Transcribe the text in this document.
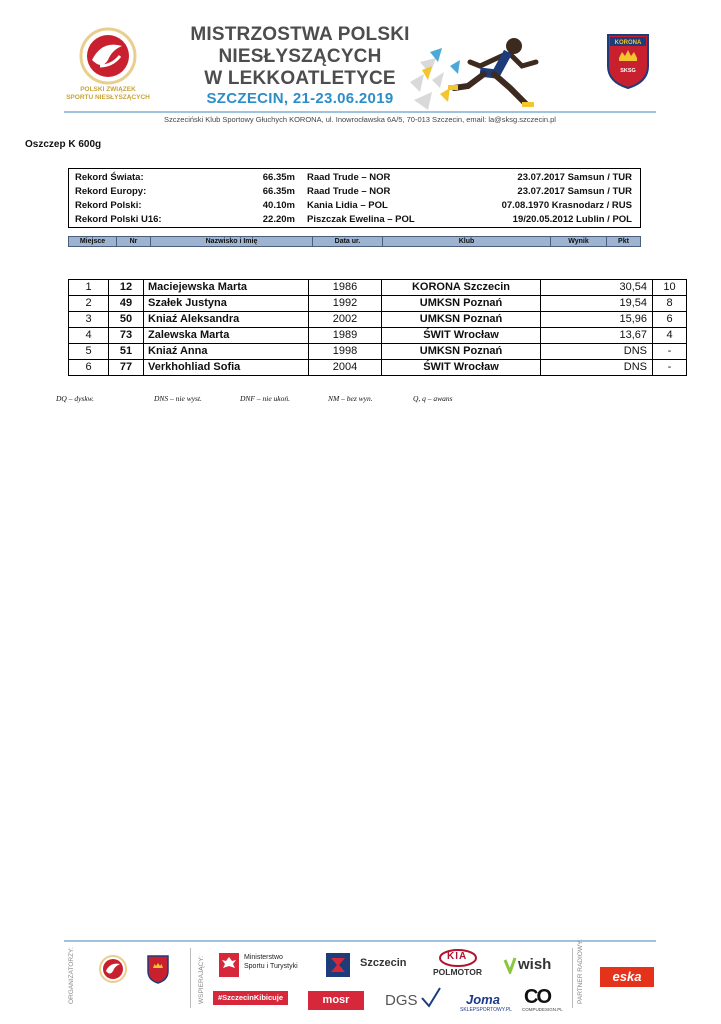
POLSKI ZWIĄZEK
SPORTU NIESŁYSZĄCYCH
MISTRZOSTWA POLSKI
NIESŁYSZĄCYCH
W LEKKOATLETYCE
SZCZECIN, 21-23.06.2019
KORONA
SKSG
Szczeciński Klub Sportowy Głuchych KORONA, ul. Inowrocławska 6A/5, 70-013 Szczecin, email: la@sksg.szczecin.pl
Oszczep K 600g
Rekord Świata:	66.35m Raad Trude – NOR	23.07.2017 Samsun / TUR
Rekord Europy:	66.35m Raad Trude – NOR	23.07.2017 Samsun / TUR
Rekord Polski:	40.10m Kania Lidia – POL	07.08.1970 Krasnodarz / RUS
Rekord Polski U16:	22.20m Piszczak Ewelina – POL	19/20.05.2012 Lublin / POL
Miejsce	Nr	Nazwisko i Imię	Data ur.	Klub	Wynik	Pkt
1	12	Maciejewska Marta	1986	KORONA Szczecin	30,54	10
2	49	Szałek Justyna	1992	UMKSN Poznań	19,54	8
3	50	Kniaź Aleksandra	2002	UMKSN Poznań	15,96	6
4	73	Zalewska Marta	1989	ŚWIT Wrocław	13,67	4
5	51	Kniaź Anna	1998	UMKSN Poznań	DNS	-
6	77	Verkhohliad Sofia	2004	ŚWIT Wrocław	DNS	-
DQ – dyskw.	DNS – nie wyst.	DNF – nie ukoń.	NM – bez wyn.	Q, q – awans
ORGANIZATORZY:	WSPIERAJĄCY:	PARTNER RADIOWY:
Ministerstwo
Sportu i Turystyki
#SzczecinKibicuje
Szczecin
mosr	DGS
KIA
POLMOTOR wish
Joma
SKLEPSPORTOWY.PL
CO
COMPUDESIGN.PL
eska
